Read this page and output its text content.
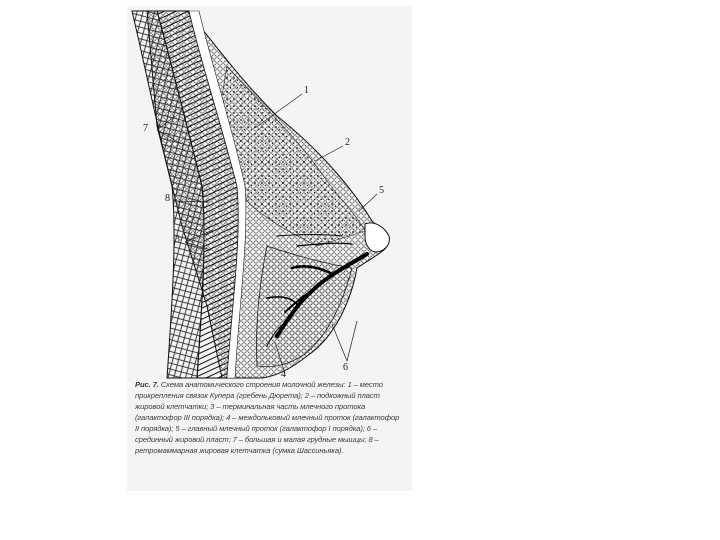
1
2
5
7
8
3
6
4
Рис. 7. Схема анатомического строения молочной железы: 1 – место прикрепления связок Купера (гребень Дюрета); 2 – подкожный пласт жировой клетчатки; 3 – терминальная часть млечного протока (галактофор III порядка); 4 – междольковый млечный проток (галактофор II порядка); 5 – главный млечный проток (галактофор I порядка); 6 – срединный жировой пласт; 7 – большая и малая грудные мышцы; 8 – ретромаммарная жировая клетчатка (сумка Шассиньяка).
